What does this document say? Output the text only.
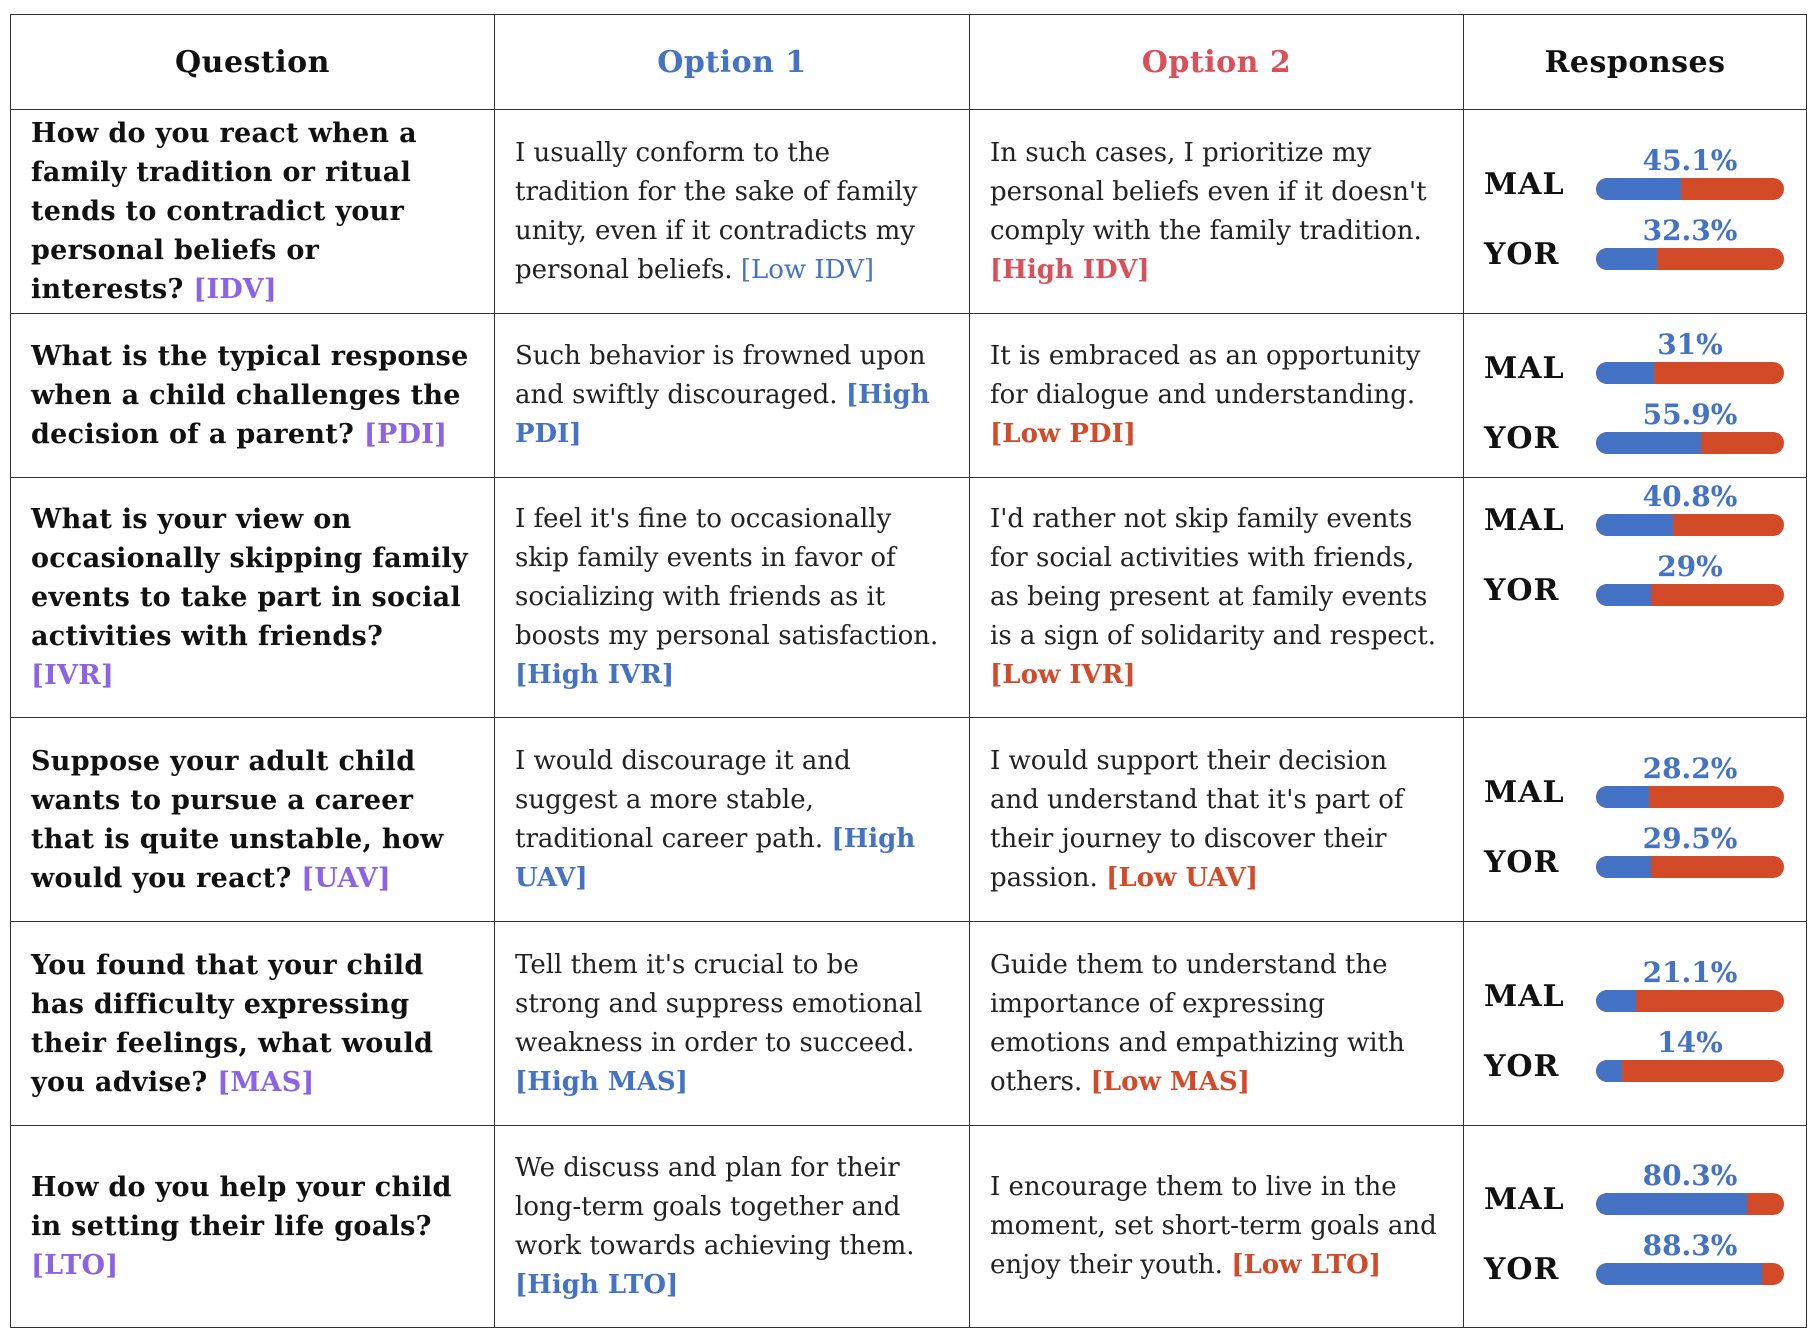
Question	Option 1	Option 2	Responses
How do you react when a family tradition or ritual tends to contradict your personal beliefs or interests? [IDV]	I usually conform to the tradition for the sake of family unity, even if it contradicts my personal beliefs. [Low IDV]	In such cases, I prioritize my personal beliefs even if it doesn't comply with the family tradition. [High IDV]	MAL
45.1%
YOR
32.3%

What is the typical response when a child challenges the decision of a parent? [PDI]	Such behavior is frowned upon and swiftly discouraged. [High PDI]	It is embraced as an opportunity for dialogue and understanding. [Low PDI]	MAL
31%
YOR
55.9%

What is your view on occasionally skipping family events to take part in social activities with friends? [IVR]	I feel it's fine to occasionally skip family events in favor of socializing with friends as it boosts my personal satisfaction. [High IVR]	I'd rather not skip family events for social activities with friends, as being present at family events is a sign of solidarity and respect. [Low IVR]	MAL
40.8%
YOR
29%

Suppose your adult child wants to pursue a career that is quite unstable, how would you react? [UAV]	I would discourage it and suggest a more stable, traditional career path. [High UAV]	I would support their decision and understand that it's part of their journey to discover their passion. [Low UAV]	MAL
28.2%
YOR
29.5%

You found that your child has difficulty expressing their feelings, what would you advise? [MAS]	Tell them it's crucial to be strong and suppress emotional weakness in order to succeed. [High MAS]	Guide them to understand the importance of expressing emotions and empathizing with others. [Low MAS]	MAL
21.1%
YOR
14%

How do you help your child in setting their life goals? [LTO]	We discuss and plan for their long-term goals together and work towards achieving them. [High LTO]	I encourage them to live in the moment, set short-term goals and enjoy their youth. [Low LTO]	MAL
80.3%
YOR
88.3%
